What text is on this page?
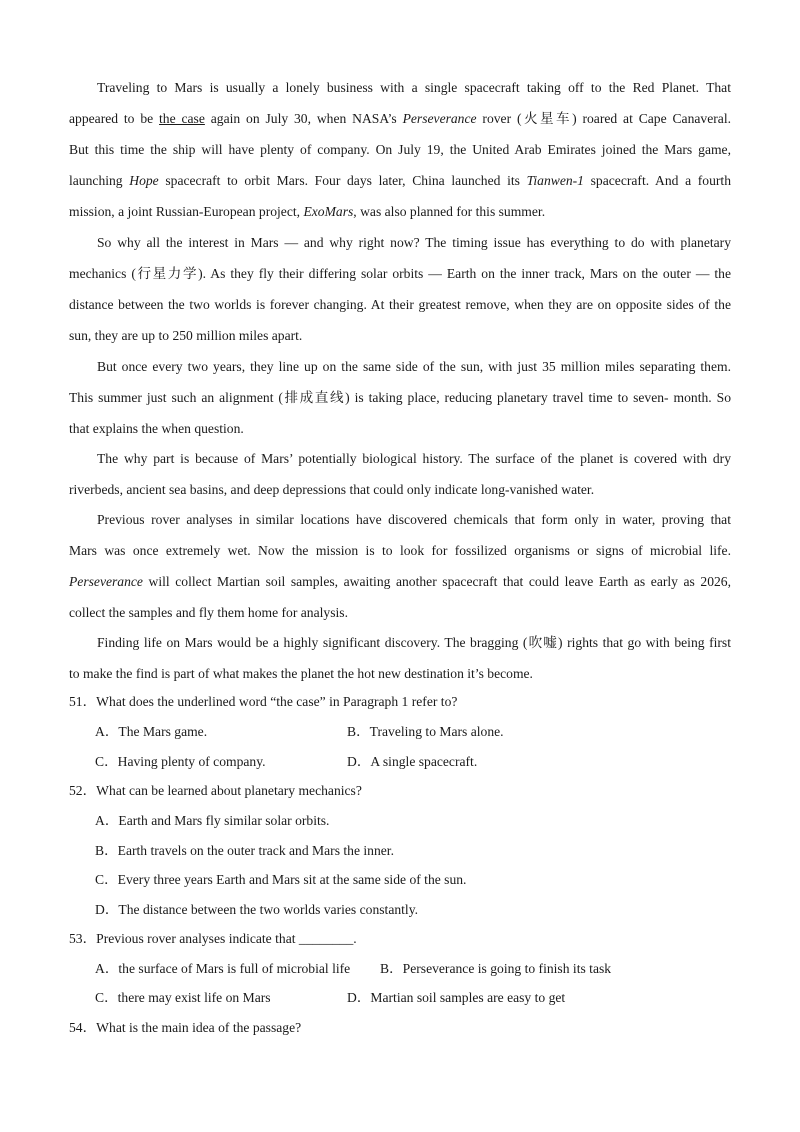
Traveling to Mars is usually a lonely business with a single spacecraft taking off to the Red Planet. That
appeared to be the case again on July 30, when NASA’s Perseverance rover (火星车) roared at Cape Canaveral.
But this time the ship will have plenty of company. On July 19, the United Arab Emirates joined the Mars game,
launching Hope spacecraft to orbit Mars. Four days later, China launched its Tianwen-1 spacecraft. And a fourth
mission, a joint Russian-European project, ExoMars, was also planned for this summer.
So why all the interest in Mars — and why right now? The timing issue has everything to do with planetary
mechanics (行星力学). As they fly their differing solar orbits — Earth on the inner track, Mars on the outer — the
distance between the two worlds is forever changing. At their greatest remove, when they are on opposite sides of the
sun, they are up to 250 million miles apart.
But once every two years, they line up on the same side of the sun, with just 35 million miles separating them.
This summer just such an alignment (排成直线) is taking place, reducing planetary travel time to seven- month. So
that explains the when question.
The why part is because of Mars’ potentially biological history. The surface of the planet is covered with dry
riverbeds, ancient sea basins, and deep depressions that could only indicate long-vanished water.
Previous rover analyses in similar locations have discovered chemicals that form only in water, proving that
Mars was once extremely wet. Now the mission is to look for fossilized organisms or signs of microbial life.
Perseverance will collect Martian soil samples, awaiting another spacecraft that could leave Earth as early as 2026,
collect the samples and fly them home for analysis.
Finding life on Mars would be a highly significant discovery. The bragging (吹嘘) rights that go with being first
to make the find is part of what makes the planet the hot new destination it’s become.
51．What does the underlined word “the case” in Paragraph 1 refer to?
A．The Mars game.	B．Traveling to Mars alone.
C．Having plenty of company.	D．A single spacecraft.
52．What can be learned about planetary mechanics?
A．Earth and Mars fly similar solar orbits.
B．Earth travels on the outer track and Mars the inner.
C．Every three years Earth and Mars sit at the same side of the sun.
D．The distance between the two worlds varies constantly.
53．Previous rover analyses indicate that ________.
A．the surface of Mars is full of microbial life B．Perseverance is going to finish its task
C．there may exist life on Mars	D．Martian soil samples are easy to get
54．What is the main idea of the passage?
